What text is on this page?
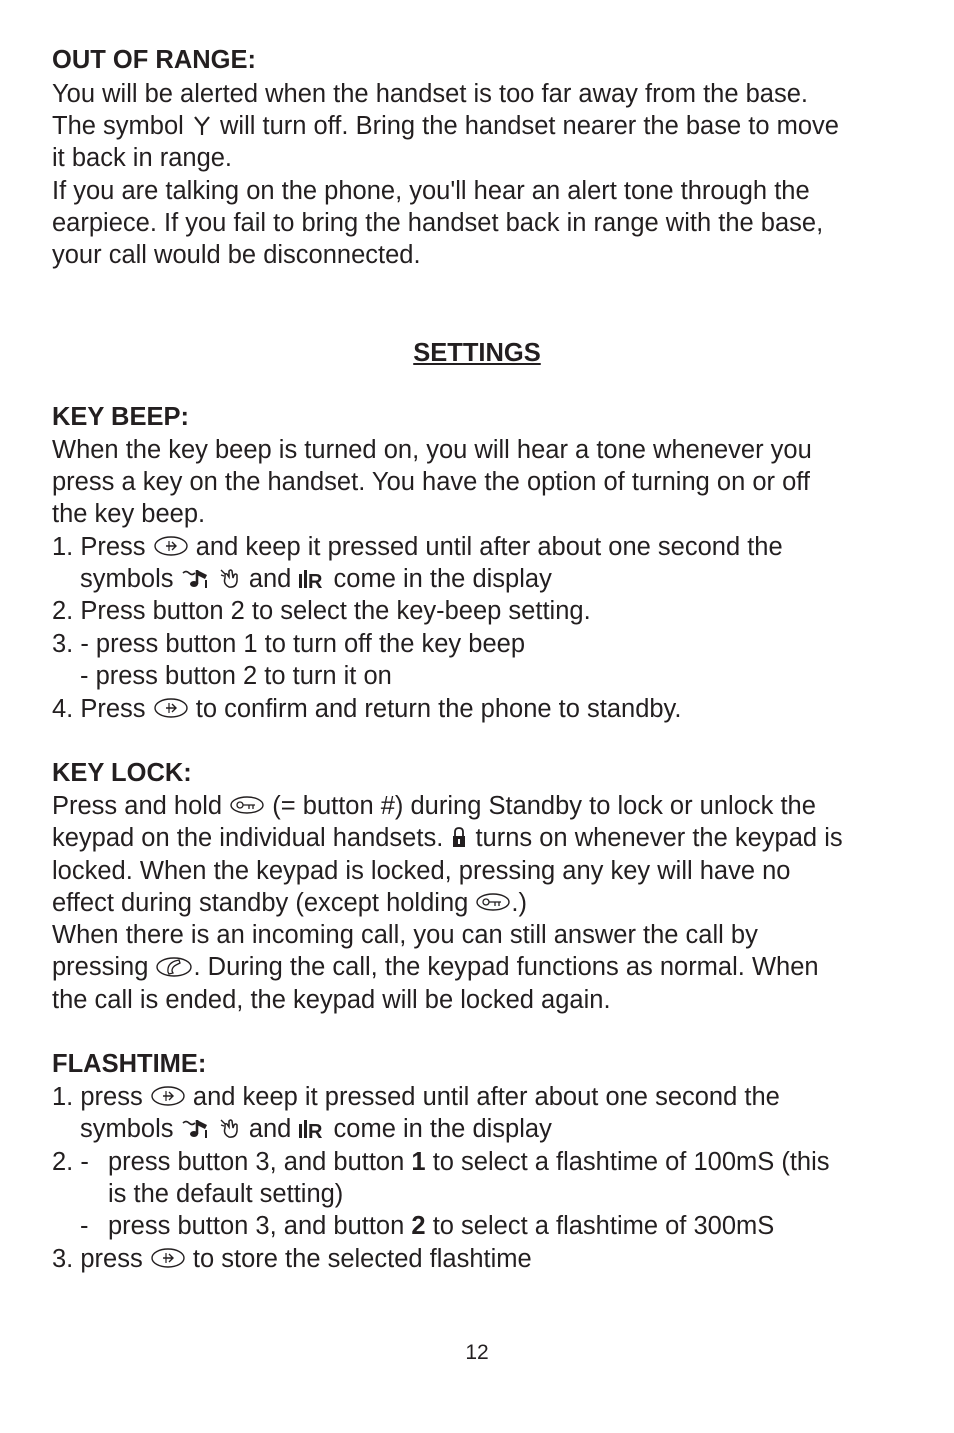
OUT OF RANGE:
You will be alerted when the handset is too far away from the base.
The symbol will turn off. Bring the handset nearer the base to move
it back in range.
If you are talking on the phone, you'll hear an alert tone through the
earpiece. If you fail to bring the handset back in range with the base,
your call would be disconnected.
SETTINGS
KEY BEEP:
When the key beep is turned on, you will hear a tone whenever you
press a key on the handset. You have the option of turning on or off
the key beep.
1. Press and keep it pressed until after about one second the
symbols	and R come in the display
2. Press button 2 to select the key-beep setting.
3. - press button 1 to turn off the key beep
- press button 2 to turn it on
4. Press to confirm and return the phone to standby.
KEY LOCK:
Press and hold (= button #) during Standby to lock or unlock the
keypad on the individual handsets. turns on whenever the keypad is
locked. When the keypad is locked, pressing any key will have no
effect during standby (except holding .)
When there is an incoming call, you can still answer the call by
pressing . During the call, the keypad functions as normal. When
the call is ended, the keypad will be locked again.
FLASHTIME:
1. press and keep it pressed until after about one second the
symbols	and R come in the display
2. - press button 3, and button 1 to select a flashtime of 100mS (this
is the default setting)
- press button 3, and button 2 to select a flashtime of 300mS
3. press to store the selected flashtime
12
